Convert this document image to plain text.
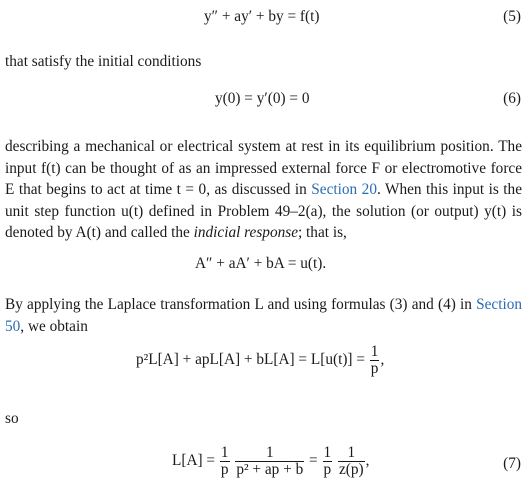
y″ + ay′ + by = f(t)	(5)
that satisfy the initial conditions
y(0) = y′(0) = 0	(6)
describing a mechanical or electrical system at rest in its equilibrium position. The input f(t) can be thought of as an impressed external force F or electromotive force E that begins to act at time t = 0, as discussed in Section 20. When this input is the unit step function u(t) defined in Problem 49–2(a), the solution (or output) y(t) is denoted by A(t) and called the indicial response; that is,
A″ + aA′ + bA = u(t).
By applying the Laplace transformation L and using formulas (3) and (4) in Section 50, we obtain
$p^2L[A] + apL[A] + bL[A] = L[u(t)] = \frac{1}{p}$ ,
so
$L[A] = \frac{1}{p}$
$\frac{1}{\text{p² + ap + b}} = \frac{1}{p}$
$\frac{1}{z(p)}$ ,	(7)
